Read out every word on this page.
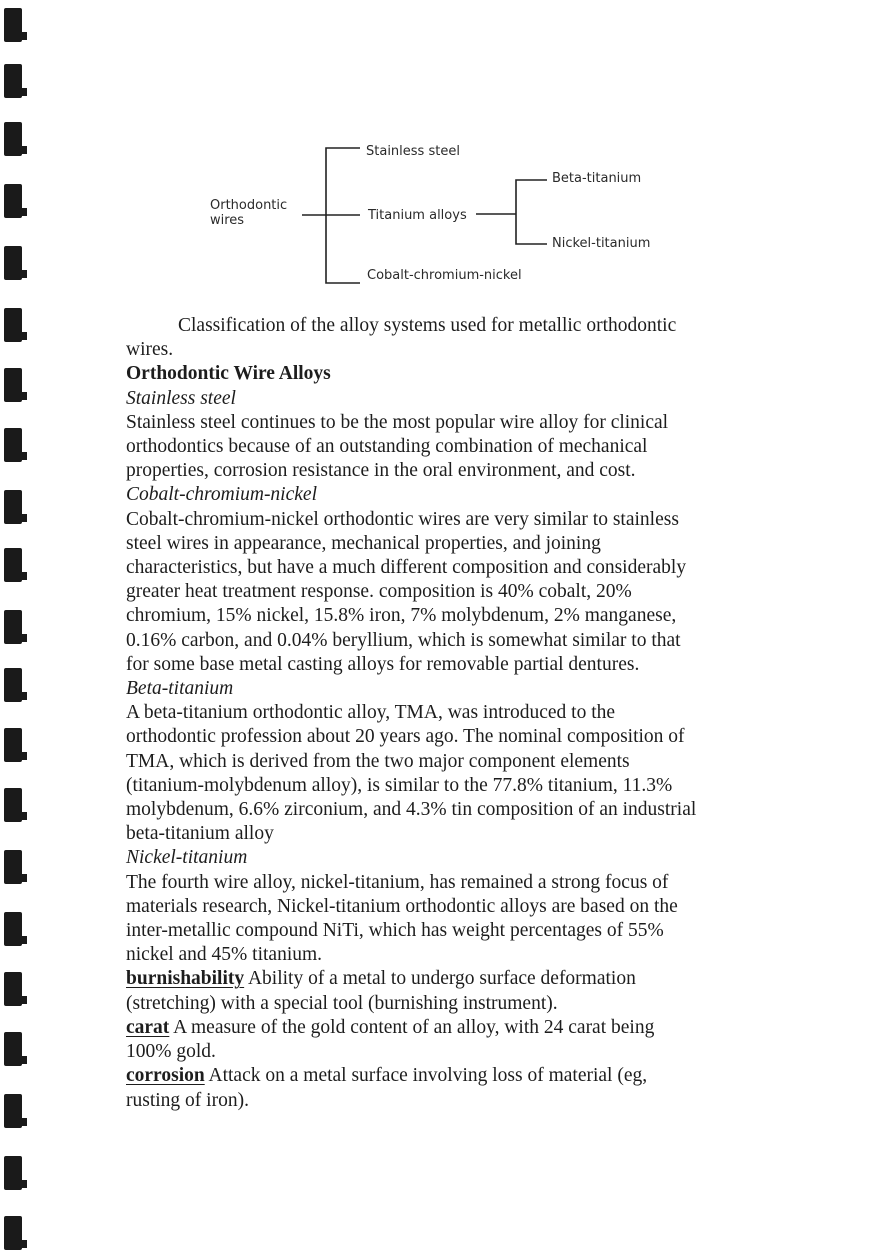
Orthodontic
wires
Stainless steel
Titanium alloys
Cobalt-chromium-nickel
Beta-titanium
Nickel-titanium

Classification of the alloy systems used for metallic orthodontic

wires.

Orthodontic Wire Alloys

Stainless steel

Stainless steel continues to be the most popular wire alloy for clinical

orthodontics because of an outstanding combination of mechanical

properties, corrosion resistance in the oral environment, and cost.

Cobalt-chromium-nickel

Cobalt-chromium-nickel orthodontic wires are very similar to stainless

steel wires in appearance, mechanical properties, and joining

characteristics, but have a much different composition and considerably

greater heat treatment response. composition is 40% cobalt, 20%

chromium, 15% nickel, 15.8% iron, 7% molybdenum, 2% manganese,

0.16% carbon, and 0.04% beryllium, which is somewhat similar to that

for some base metal casting alloys for removable partial dentures.

Beta-titanium

A beta-titanium orthodontic alloy, TMA, was introduced to the

orthodontic profession about 20 years ago. The nominal composition of

TMA, which is derived from the two major component elements

(titanium-molybdenum alloy), is similar to the 77.8% titanium, 11.3%

molybdenum, 6.6% zirconium, and 4.3% tin composition of an industrial

beta-titanium alloy

Nickel-titanium

The fourth wire alloy, nickel-titanium, has remained a strong focus of

materials research, Nickel-titanium orthodontic alloys are based on the

inter-metallic compound NiTi, which has weight percentages of 55%

nickel and 45% titanium.

burnishability Ability of a metal to undergo surface deformation

(stretching) with a special tool (burnishing instrument).

carat A measure of the gold content of an alloy, with 24 carat being

100% gold.

corrosion Attack on a metal surface involving loss of material (eg,

rusting of iron).
